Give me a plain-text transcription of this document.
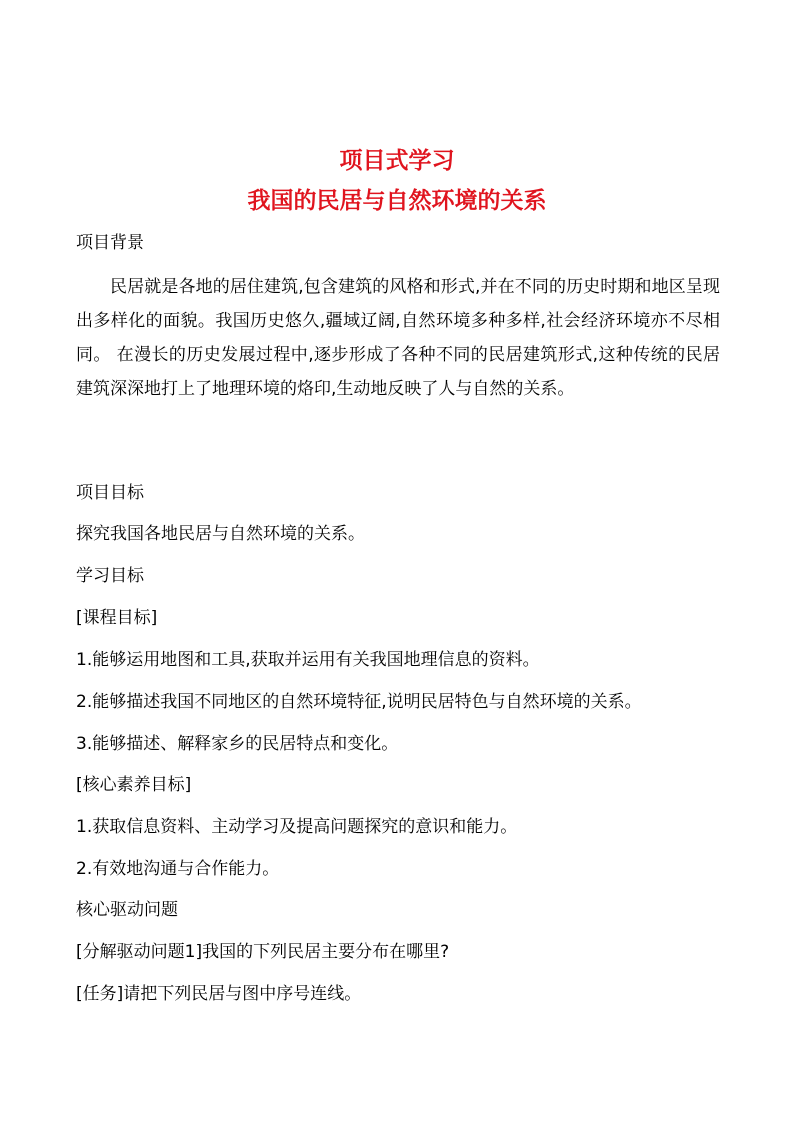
项目式学习
我国的民居与自然环境的关系
项目背景
民居就是各地的居住建筑,包含建筑的风格和形式,并在不同的历史时期和地区呈现出多样化的面貌。我国历史悠久,疆域辽阔,自然环境多种多样,社会经济环境亦不尽相同。 在漫长的历史发展过程中,逐步形成了各种不同的民居建筑形式,这种传统的民居建筑深深地打上了地理环境的烙印,生动地反映了人与自然的关系。
项目目标
探究我国各地民居与自然环境的关系。
学习目标
[课程目标]
1.能够运用地图和工具,获取并运用有关我国地理信息的资料。
2.能够描述我国不同地区的自然环境特征,说明民居特色与自然环境的关系。
3.能够描述、解释家乡的民居特点和变化。
[核心素养目标]
1.获取信息资料、主动学习及提高问题探究的意识和能力。
2.有效地沟通与合作能力。
核心驱动问题
[分解驱动问题1]我国的下列民居主要分布在哪里?
[任务]请把下列民居与图中序号连线。
